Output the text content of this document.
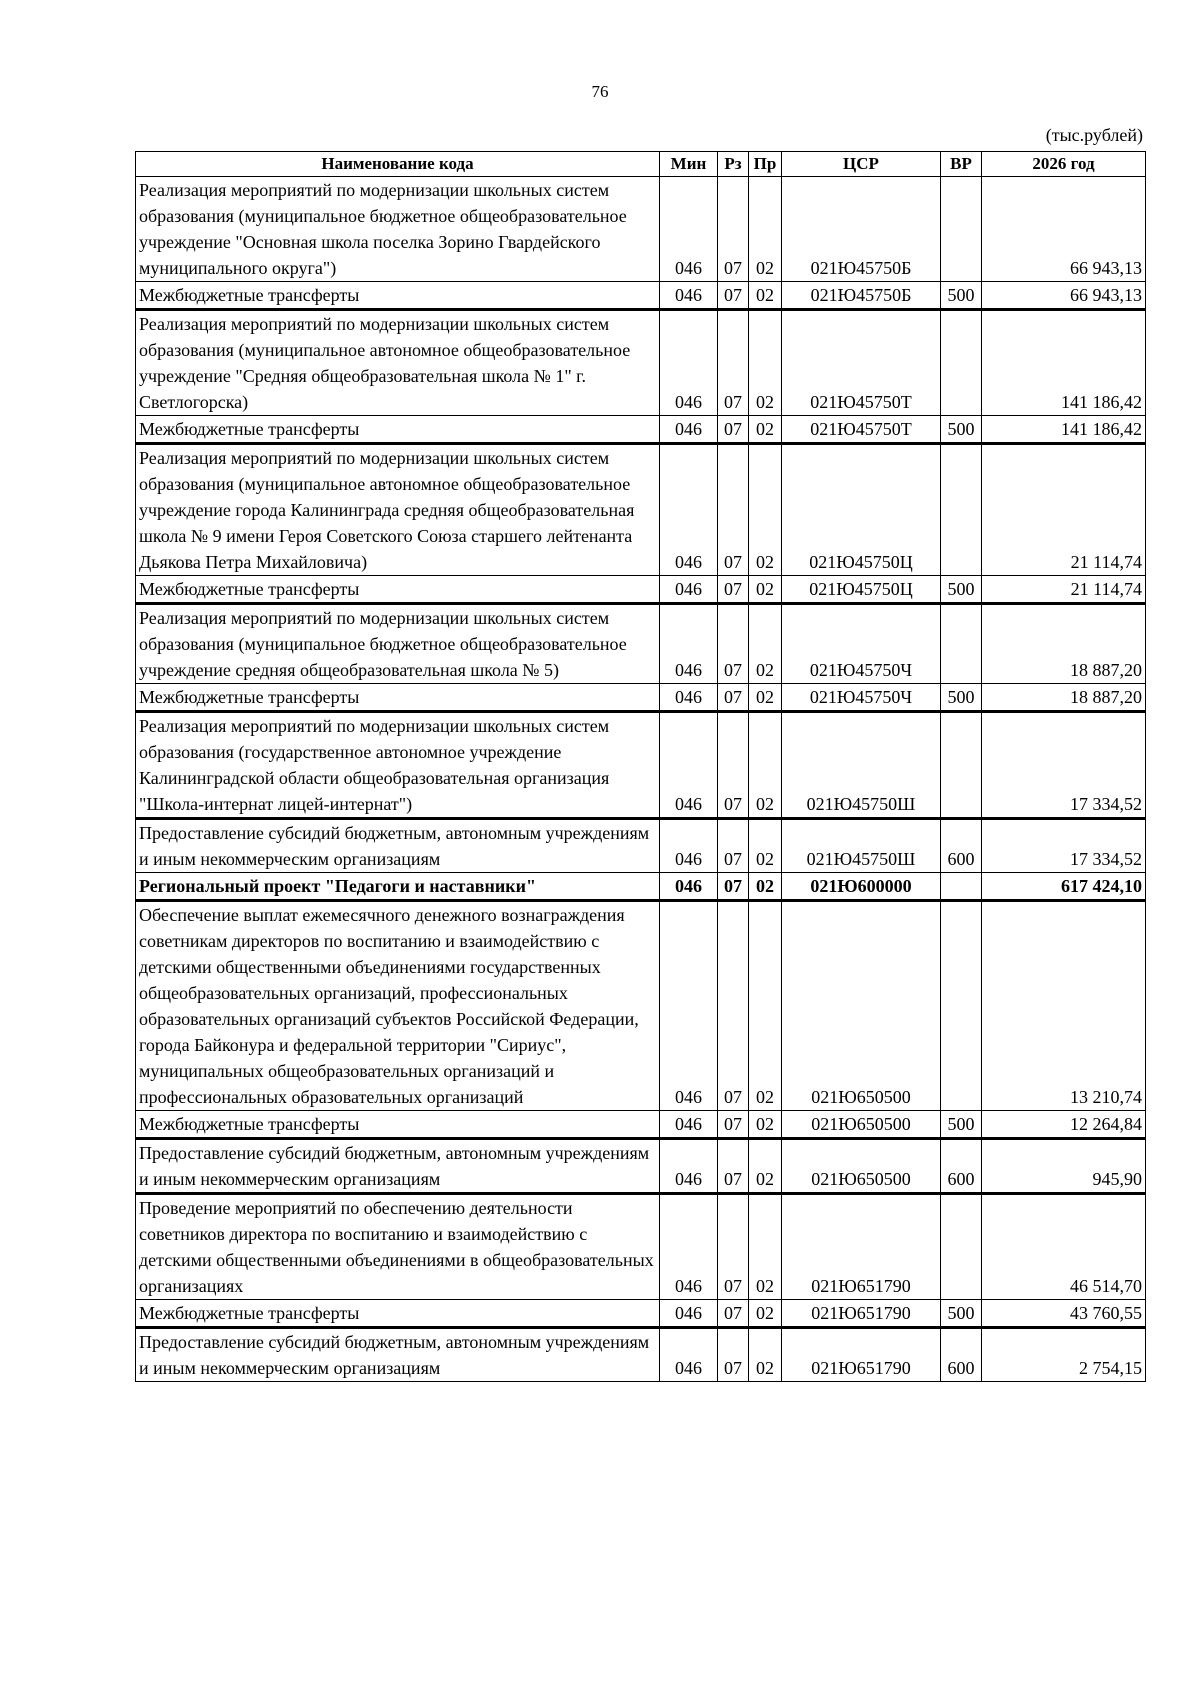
76
(тыс.рублей)
Наименование кода	Мин	Рз	Пр	ЦСР	ВР	2026 год
Реализация мероприятий по модернизации школьных систем образования (муниципальное бюджетное общеобразовательное учреждение "Основная школа поселка Зорино Гвардейского муниципального округа")	046	07	02	021Ю45750Б		66 943,13
Межбюджетные трансферты	046	07	02	021Ю45750Б	500	66 943,13
Реализация мероприятий по модернизации школьных систем образования (муниципальное автономное общеобразовательное учреждение "Средняя общеобразовательная школа № 1" г. Светлогорска)	046	07	02	021Ю45750Т		141 186,42
Межбюджетные трансферты	046	07	02	021Ю45750Т	500	141 186,42
Реализация мероприятий по модернизации школьных систем образования (муниципальное автономное общеобразовательное учреждение города Калининграда средняя общеобразовательная школа № 9 имени Героя Советского Союза старшего лейтенанта Дьякова Петра Михайловича)	046	07	02	021Ю45750Ц		21 114,74
Межбюджетные трансферты	046	07	02	021Ю45750Ц	500	21 114,74
Реализация мероприятий по модернизации школьных систем образования (муниципальное бюджетное общеобразовательное учреждение средняя общеобразовательная школа № 5)	046	07	02	021Ю45750Ч		18 887,20
Межбюджетные трансферты	046	07	02	021Ю45750Ч	500	18 887,20
Реализация мероприятий по модернизации школьных систем образования (государственное автономное учреждение Калининградской области общеобразовательная организация "Школа-интернат лицей-интернат")	046	07	02	021Ю45750Ш		17 334,52
Предоставление субсидий бюджетным, автономным учреждениям и иным некоммерческим организациям	046	07	02	021Ю45750Ш	600	17 334,52
Региональный проект "Педагоги и наставники"	046	07	02	021Ю600000		617 424,10
Обеспечение выплат ежемесячного денежного вознаграждения советникам директоров по воспитанию и взаимодействию с детскими общественными объединениями государственных общеобразовательных организаций, профессиональных образовательных организаций субъектов Российской Федерации, города Байконура и федеральной территории "Сириус", муниципальных общеобразовательных организаций и профессиональных образовательных организаций	046	07	02	021Ю650500		13 210,74
Межбюджетные трансферты	046	07	02	021Ю650500	500	12 264,84
Предоставление субсидий бюджетным, автономным учреждениям и иным некоммерческим организациям	046	07	02	021Ю650500	600	945,90
Проведение мероприятий по обеспечению деятельности советников директора по воспитанию и взаимодействию с детскими общественными объединениями в общеобразовательных организациях	046	07	02	021Ю651790		46 514,70
Межбюджетные трансферты	046	07	02	021Ю651790	500	43 760,55
Предоставление субсидий бюджетным, автономным учреждениям и иным некоммерческим организациям	046	07	02	021Ю651790	600	2 754,15
